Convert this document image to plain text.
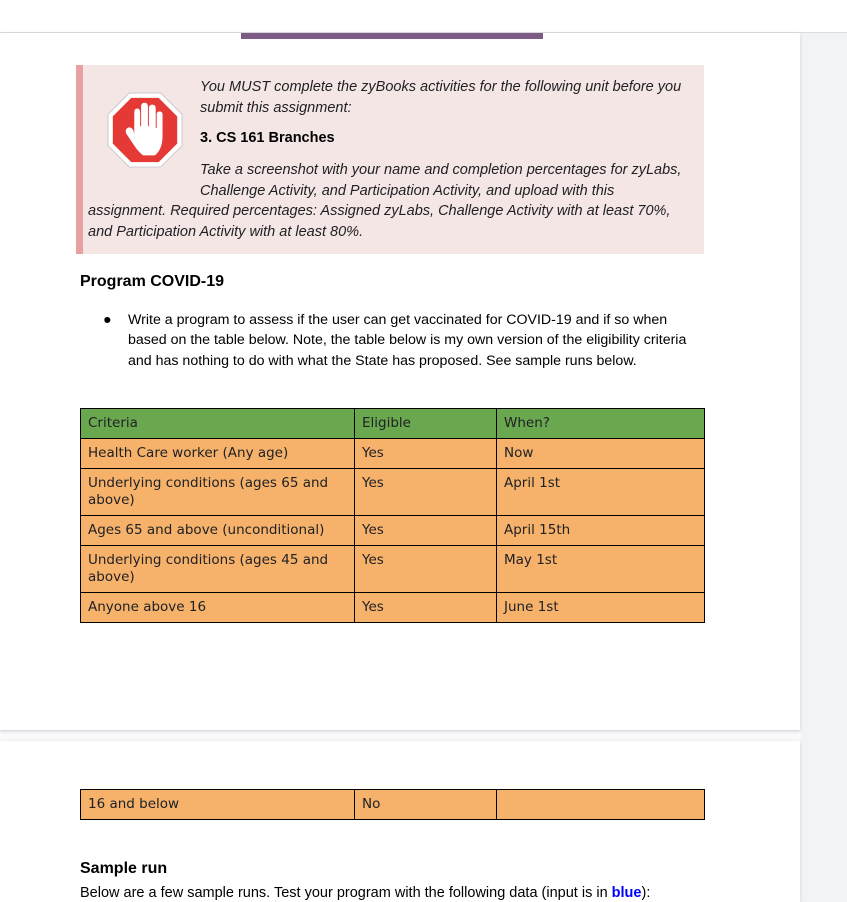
You MUST complete the zyBooks activities for the following unit before you submit this assignment:
3. CS 161 Branches
Take a screenshot with your name and completion percentages for zyLabs, Challenge Activity, and Participation Activity, and upload with this
assignment. Required percentages: Assigned zyLabs, Challenge Activity with at least 70%, and Participation Activity with at least 80%.
Program COVID-19
● Write a program to assess if the user can get vaccinated for COVID-19 and if so when based on the table below. Note, the table below is my own version of the eligibility criteria and has nothing to do with what the State has proposed. See sample runs below.
Criteria	Eligible	When?
Health Care worker (Any age)	Yes	Now
Underlying conditions (ages 65 and above)	Yes	April 1st
Ages 65 and above (unconditional)	Yes	April 15th
Underlying conditions (ages 45 and above)	Yes	May 1st
Anyone above 16	Yes	June 1st
16 and below	No	
Sample run
Below are a few sample runs. Test your program with the following data (input is in blue):
